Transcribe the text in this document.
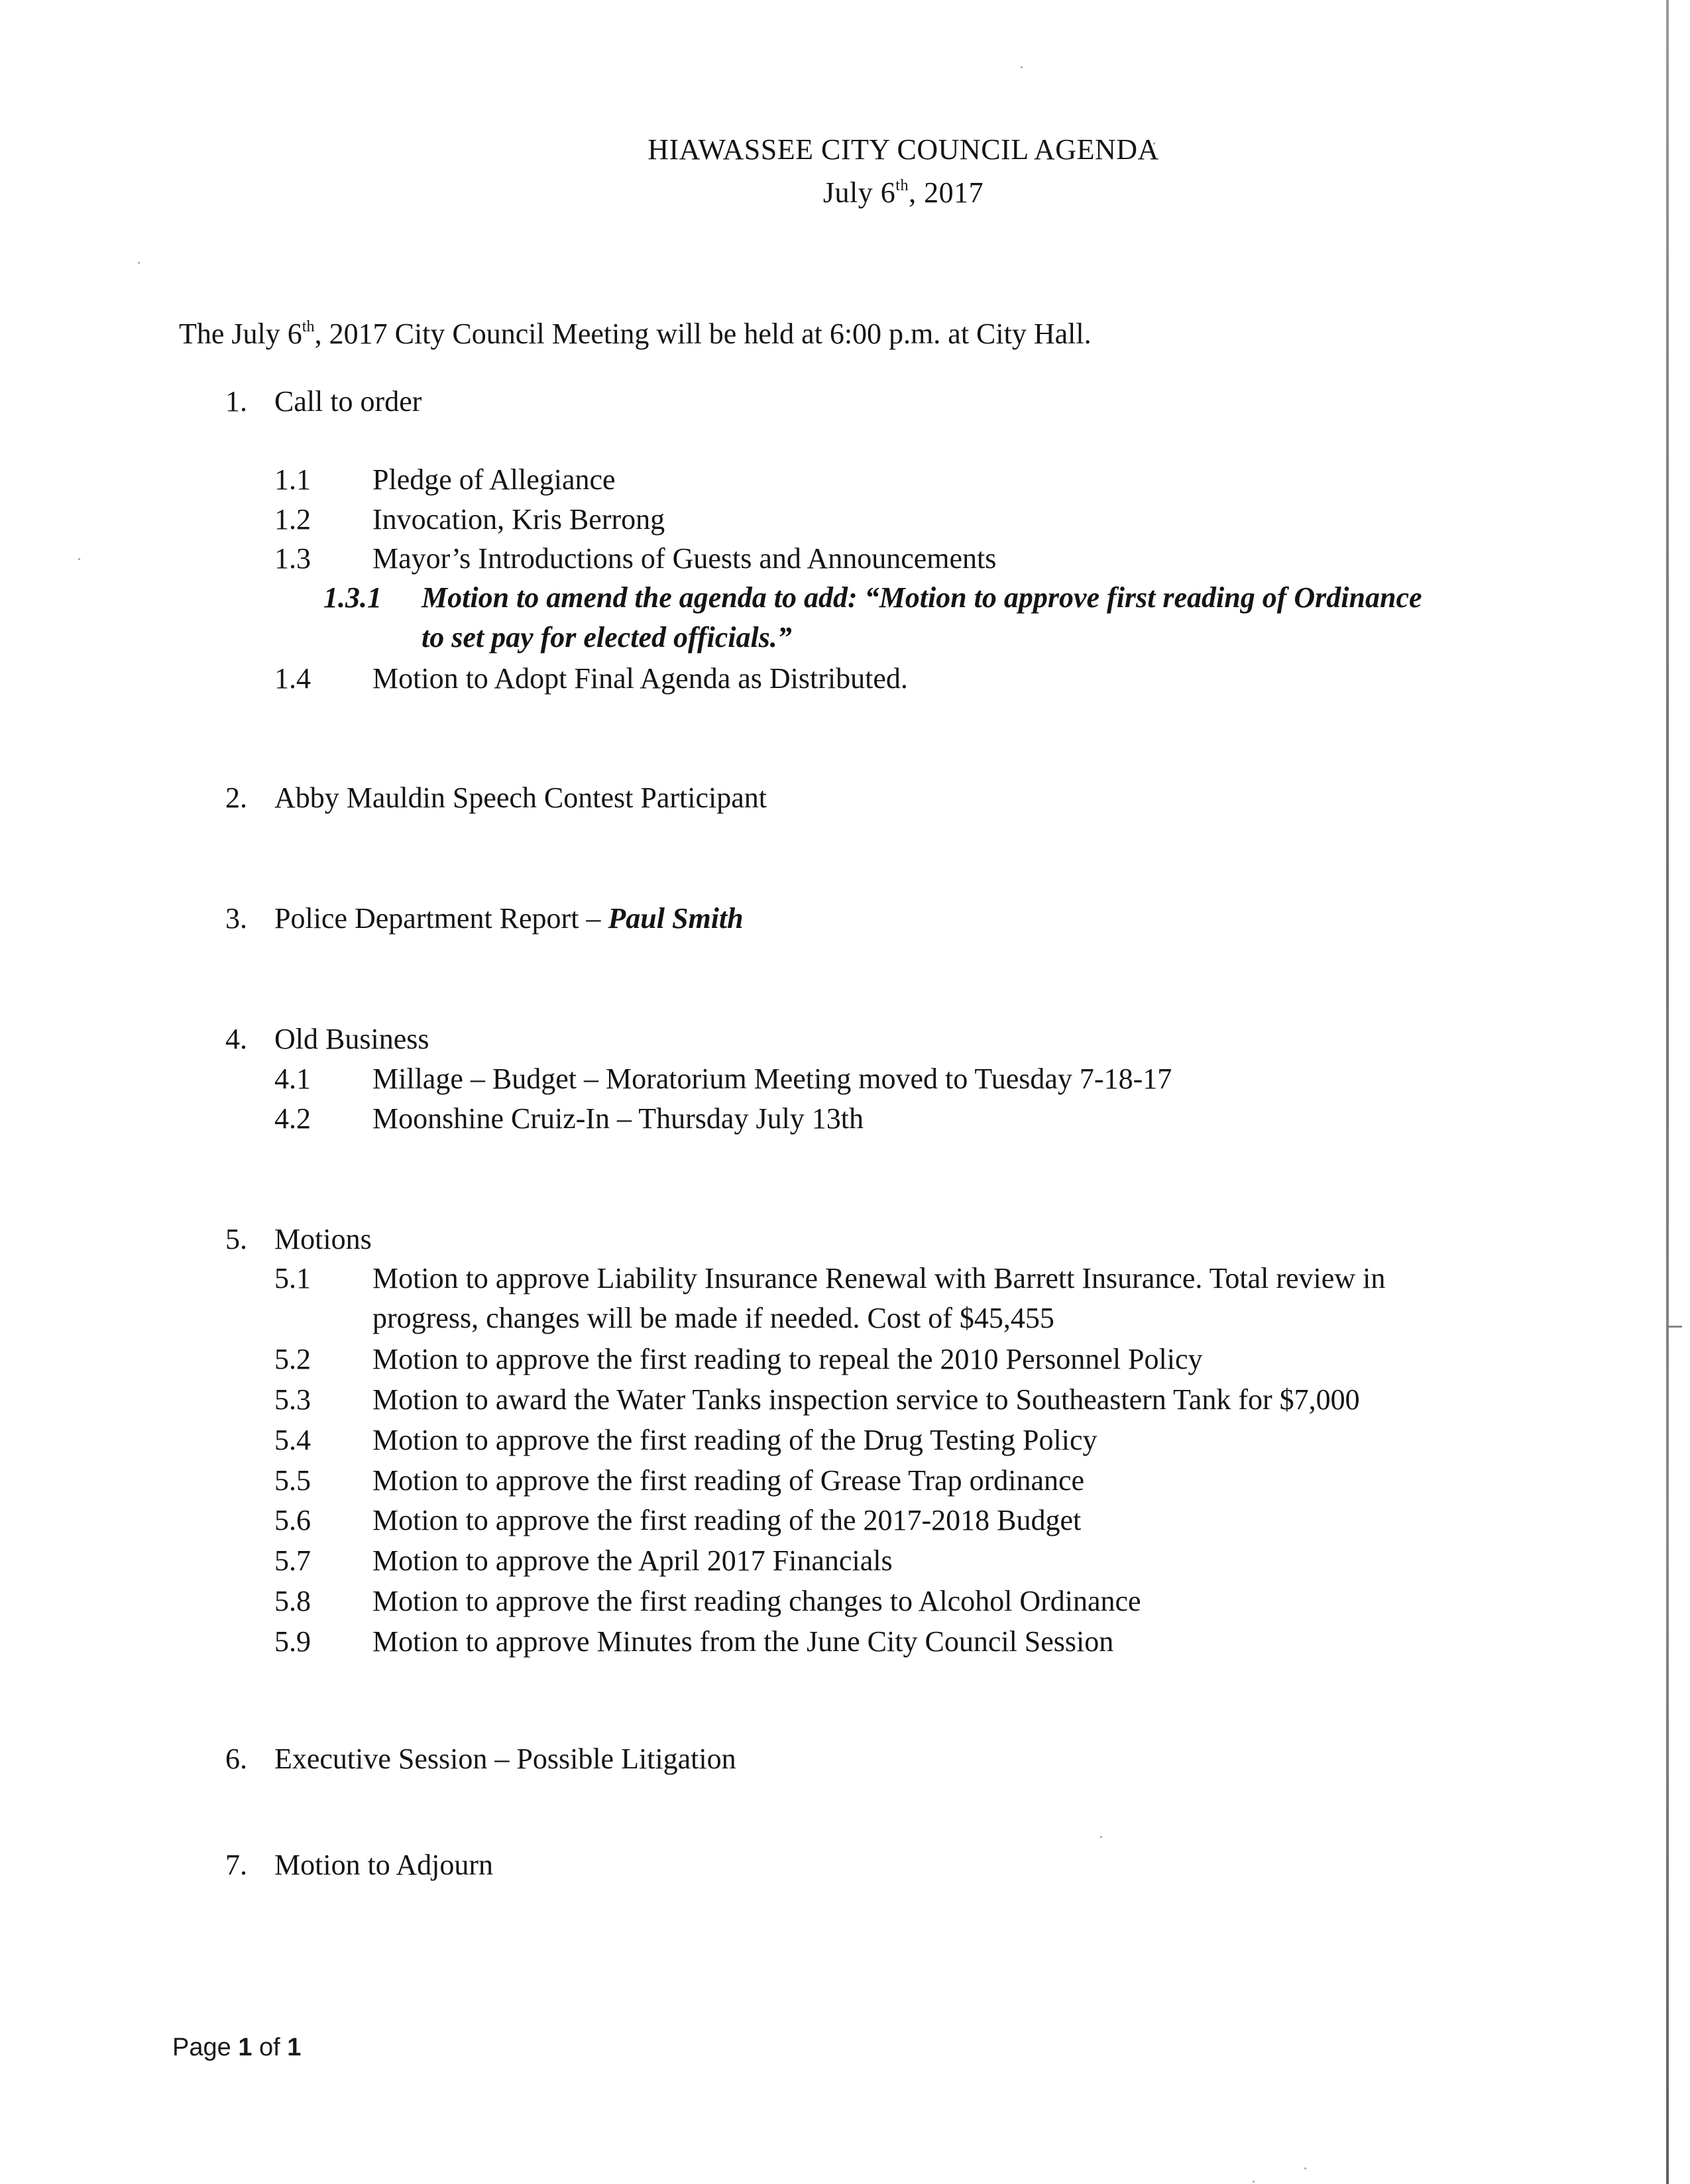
HIAWASSEE CITY COUNCIL AGENDA
July 6th, 2017
The July 6th, 2017 City Council Meeting will be held at 6:00 p.m. at City Hall.
1. Call to order
1.1 Pledge of Allegiance
1.2 Invocation, Kris Berrong
1.3 Mayor’s Introductions of Guests and Announcements
1.3.1 Motion to amend the agenda to add: “Motion to approve first reading of Ordinance
to set pay for elected officials.”
1.4 Motion to Adopt Final Agenda as Distributed.
2. Abby Mauldin Speech Contest Participant
3. Police Department Report – Paul Smith
4. Old Business
4.1 Millage – Budget – Moratorium Meeting moved to Tuesday 7-18-17
4.2 Moonshine Cruiz-In – Thursday July 13th
5. Motions
5.1 Motion to approve Liability Insurance Renewal with Barrett Insurance. Total review in
progress, changes will be made if needed. Cost of $45,455
5.2 Motion to approve the first reading to repeal the 2010 Personnel Policy
5.3 Motion to award the Water Tanks inspection service to Southeastern Tank for $7,000
5.4 Motion to approve the first reading of the Drug Testing Policy
5.5 Motion to approve the first reading of Grease Trap ordinance
5.6 Motion to approve the first reading of the 2017-2018 Budget
5.7 Motion to approve the April 2017 Financials
5.8 Motion to approve the first reading changes to Alcohol Ordinance
5.9 Motion to approve Minutes from the June City Council Session
6. Executive Session – Possible Litigation
7. Motion to Adjourn
Page 1 of 1
